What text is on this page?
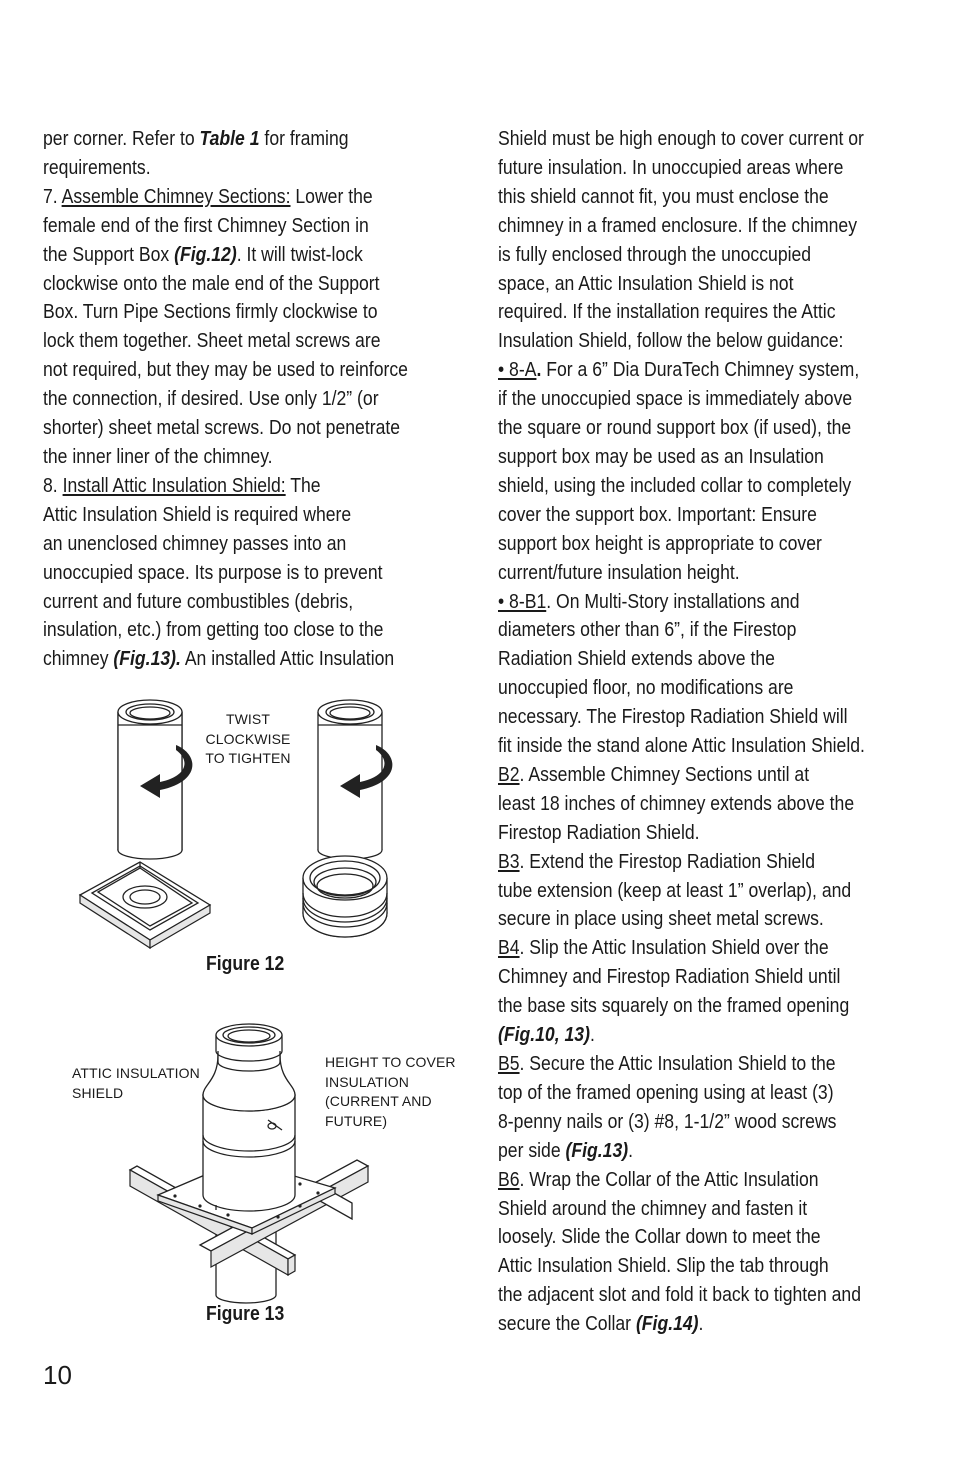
per corner. Refer to Table 1 for framing
requirements.

7. Assemble Chimney Sections: Lower the
female end of the first Chimney Section in
the Support Box (Fig.12). It will twist-lock
clockwise onto the male end of the Support
Box. Turn Pipe Sections firmly clockwise to
lock them together. Sheet metal screws are
not required, but they may be used to reinforce
the connection, if desired. Use only 1/2” (or
shorter) sheet metal screws. Do not penetrate
the inner liner of the chimney.

8. Install Attic Insulation Shield: The
Attic Insulation Shield is required where
an unenclosed chimney passes into an
unoccupied space. Its purpose is to prevent
current and future combustibles (debris,
insulation, etc.) from getting too close to the
chimney (Fig.13). An installed Attic Insulation

TWIST CLOCKWISE
TO TIGHTEN
Figure 12
ATTIC INSULATION
SHIELD
HEIGHT TO COVER
INSULATION
(CURRENT AND
FUTURE)
Figure 13

Shield must be high enough to cover current or
future insulation. In unoccupied areas where
this shield cannot fit, you must enclose the
chimney in a framed enclosure. If the chimney
is fully enclosed through the unoccupied
space, an Attic Insulation Shield is not
required. If the installation requires the Attic
Insulation Shield, follow the below guidance:

• 8-A. For a 6” Dia DuraTech Chimney system,
if the unoccupied space is immediately above
the square or round support box (if used), the
support box may be used as an Insulation
shield, using the included collar to completely
cover the support box. Important: Ensure
support box height is appropriate to cover
current/future insulation height.

• 8-B1. On Multi-Story installations and
diameters other than 6”, if the Firestop
Radiation Shield extends above the
unoccupied floor, no modifications are
necessary. The Firestop Radiation Shield will
fit inside the stand alone Attic Insulation Shield.

B2. Assemble Chimney Sections until at
least 18 inches of chimney extends above the
Firestop Radiation Shield.

B3. Extend the Firestop Radiation Shield
tube extension (keep at least 1” overlap), and
secure in place using sheet metal screws.

B4. Slip the Attic Insulation Shield over the
Chimney and Firestop Radiation Shield until
the base sits squarely on the framed opening
(Fig.10, 13).

B5. Secure the Attic Insulation Shield to the
top of the framed opening using at least (3)
8-penny nails or (3) #8, 1-1/2” wood screws
per side (Fig.13).

B6. Wrap the Collar of the Attic Insulation
Shield around the chimney and fasten it
loosely. Slide the Collar down to meet the
Attic Insulation Shield. Slip the tab through
the adjacent slot and fold it back to tighten and
secure the Collar (Fig.14).

10
